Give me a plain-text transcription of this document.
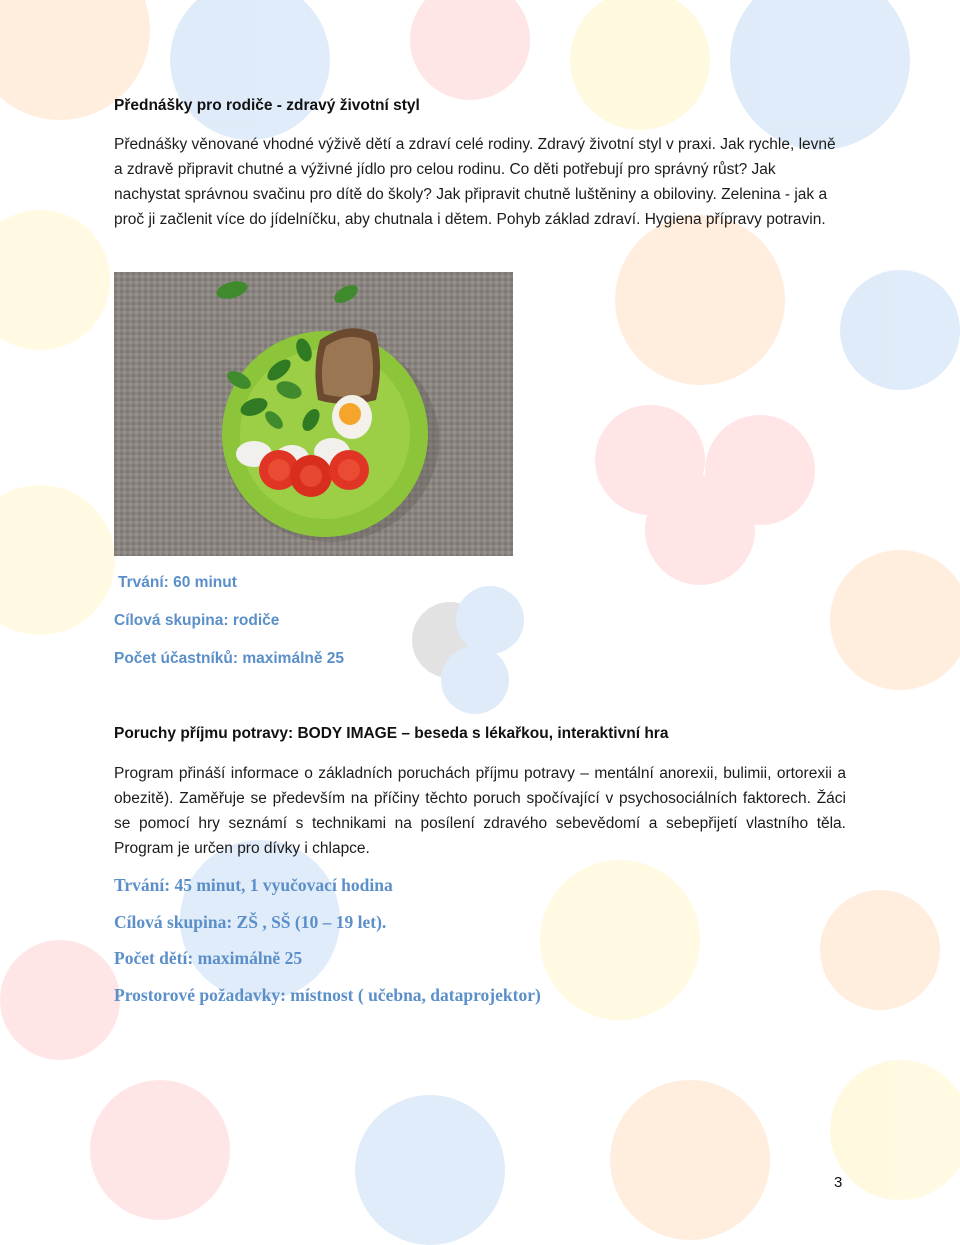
Přednášky pro rodiče - zdravý životní styl
Přednášky věnované vhodné výživě dětí a zdraví celé rodiny. Zdravý životní styl v praxi. Jak rychle, levně a zdravě připravit chutné a výživné jídlo pro celou rodinu. Co děti potřebují pro správný růst? Jak nachystat správnou svačinu pro dítě do školy? Jak připravit chutně luštěniny a obiloviny. Zelenina - jak a proč ji začlenit více do jídelníčku, aby chutnala i dětem. Pohyb základ zdraví. Hygiena přípravy potravin.
Trvání: 60 minut
Cílová skupina: rodiče
Počet účastníků: maximálně 25
Poruchy příjmu potravy: BODY IMAGE – beseda s lékařkou, interaktivní hra
Program přináší informace o základních poruchách příjmu potravy – mentální anorexii, bulimii, ortorexii a obezitě). Zaměřuje se především na příčiny těchto poruch spočívající v psychosociálních faktorech. Žáci se pomocí hry seznámí s technikami na posílení zdravého sebevědomí a sebepřijetí vlastního těla. Program je určen pro dívky i chlapce.
Trvání: 45 minut, 1 vyučovací hodina
Cílová skupina: ZŠ , SŠ (10 – 19 let).
Počet dětí: maximálně 25
Prostorové požadavky: místnost ( učebna, dataprojektor)
3
